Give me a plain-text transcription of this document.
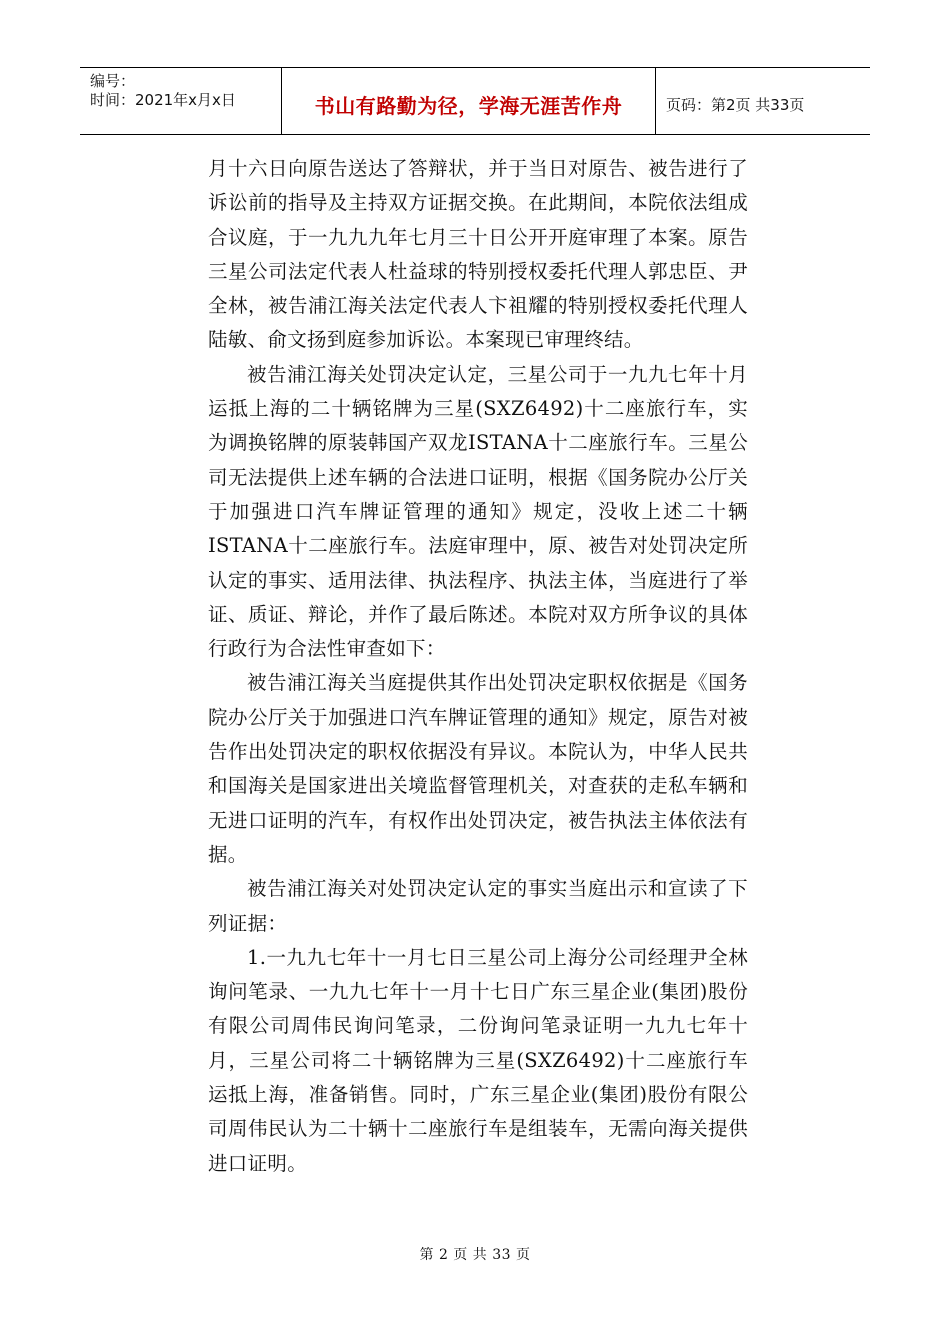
编号：
时间：2021年x月x日	书山有路勤为径，学海无涯苦作舟	页码：第2页 共33页

月十六日向原告送达了答辩状，并于当日对原告、被告进行了诉讼前的指导及主持双方证据交换。在此期间，本院依法组成合议庭，于一九九九年七月三十日公开开庭审理了本案。原告三星公司法定代表人杜益球的特别授权委托代理人郭忠臣、尹全林，被告浦江海关法定代表人卞祖耀的特别授权委托代理人陆敏、俞文扬到庭参加诉讼。本案现已审理终结。

被告浦江海关处罚决定认定，三星公司于一九九七年十月运抵上海的二十辆铭牌为三星(SXZ6492)十二座旅行车，实为调换铭牌的原装韩国产双龙ISTANA十二座旅行车。三星公司无法提供上述车辆的合法进口证明，根据《国务院办公厅关于加强进口汽车牌证管理的通知》规定，没收上述二十辆ISTANA十二座旅行车。法庭审理中，原、被告对处罚决定所认定的事实、适用法律、执法程序、执法主体，当庭进行了举证、质证、辩论，并作了最后陈述。本院对双方所争议的具体行政行为合法性审查如下：

被告浦江海关当庭提供其作出处罚决定职权依据是《国务院办公厅关于加强进口汽车牌证管理的通知》规定，原告对被告作出处罚决定的职权依据没有异议。本院认为，中华人民共和国海关是国家进出关境监督管理机关，对查获的走私车辆和无进口证明的汽车，有权作出处罚决定，被告执法主体依法有据。

被告浦江海关对处罚决定认定的事实当庭出示和宣读了下列证据：

1.一九九七年十一月七日三星公司上海分公司经理尹全林询问笔录、一九九七年十一月十七日广东三星企业(集团)股份有限公司周伟民询问笔录，二份询问笔录证明一九九七年十月，三星公司将二十辆铭牌为三星(SXZ6492)十二座旅行车运抵上海，准备销售。同时，广东三星企业(集团)股份有限公司周伟民认为二十辆十二座旅行车是组装车，无需向海关提供进口证明。

第 2 页 共 33 页
